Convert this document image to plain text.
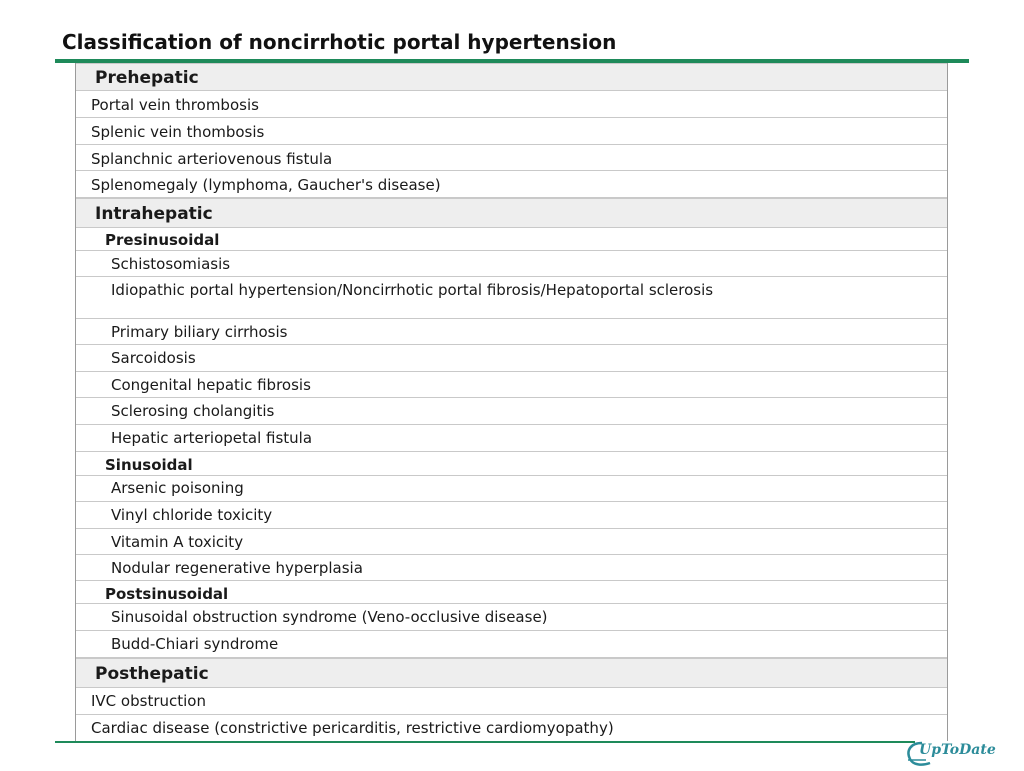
Classification of noncirrhotic portal hypertension
Prehepatic
Portal vein thrombosis
Splenic vein thombosis
Splanchnic arteriovenous fistula
Splenomegaly (lymphoma, Gaucher's disease)
Intrahepatic
Presinusoidal
Schistosomiasis
Idiopathic portal hypertension/Noncirrhotic portal fibrosis/Hepatoportal sclerosis
Primary biliary cirrhosis
Sarcoidosis
Congenital hepatic fibrosis
Sclerosing cholangitis
Hepatic arteriopetal fistula
Sinusoidal
Arsenic poisoning
Vinyl chloride toxicity
Vitamin A toxicity
Nodular regenerative hyperplasia
Postsinusoidal
Sinusoidal obstruction syndrome (Veno-occlusive disease)
Budd-Chiari syndrome
Posthepatic
IVC obstruction
Cardiac disease (constrictive pericarditis, restrictive cardiomyopathy)
UpToDate
